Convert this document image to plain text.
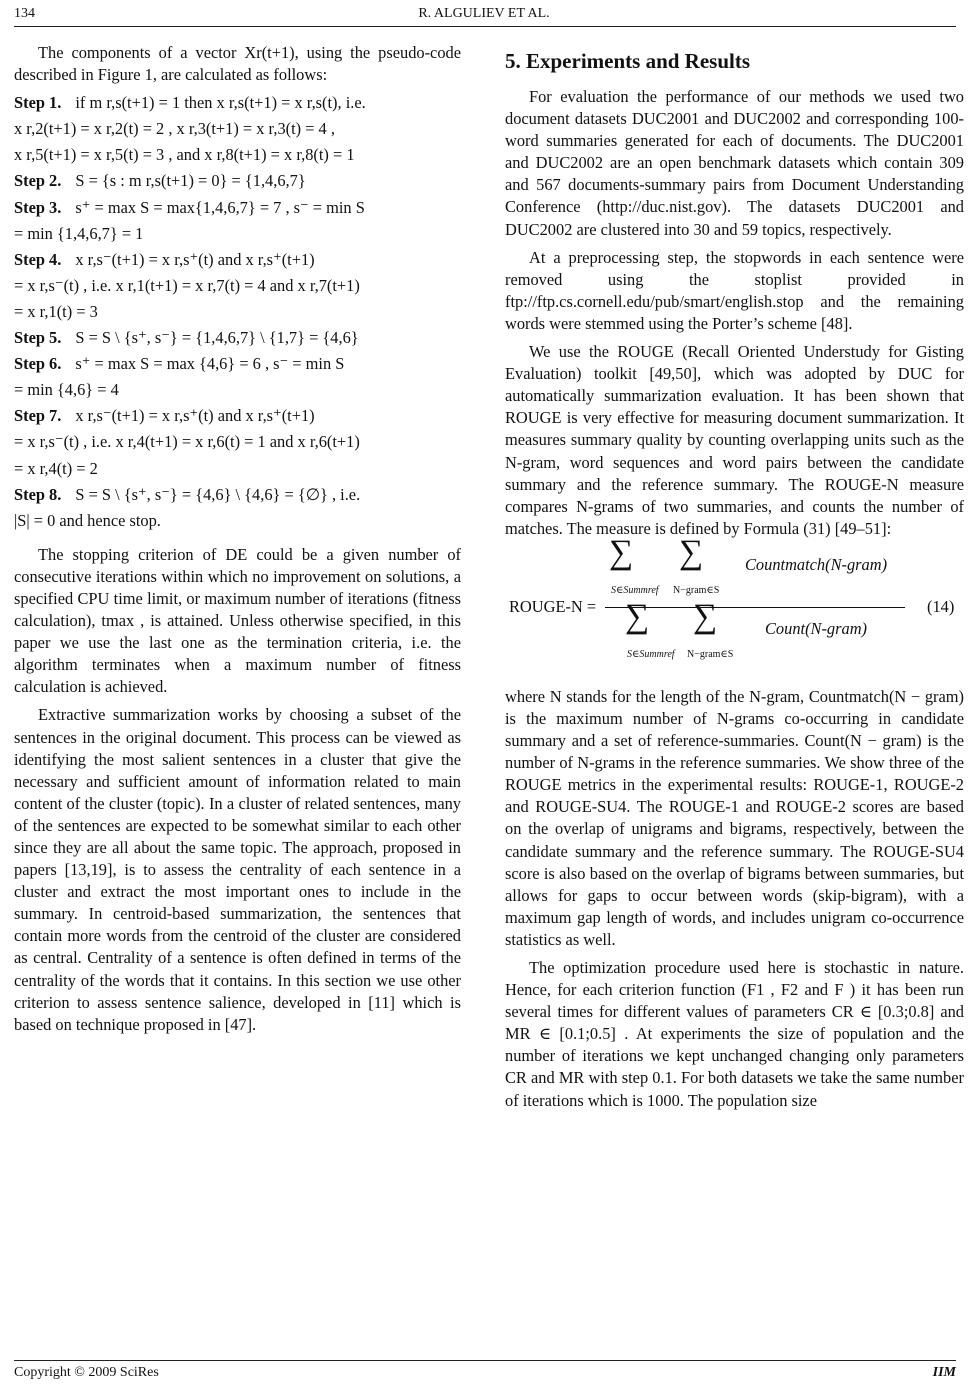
134	R. ALGULIEV ET AL.

The components of a vector Xr(t+1), using the pseudo-code described in Figure 1, are calculated as follows:

Step 1. if m r,s(t+1) = 1 then x r,s(t+1) = x r,s(t), i.e.
x r,2(t+1) = x r,2(t) = 2 , x r,3(t+1) = x r,3(t) = 4 ,
x r,5(t+1) = x r,5(t) = 3 , and x r,8(t+1) = x r,8(t) = 1
Step 2. S = {s : m r,s(t+1) = 0} = {1,4,6,7}
Step 3. s⁺ = max S = max{1,4,6,7} = 7 , s⁻ = min S
= min {1,4,6,7} = 1
Step 4. x r,s⁻(t+1) = x r,s⁺(t) and x r,s⁺(t+1)
= x r,s⁻(t) , i.e. x r,1(t+1) = x r,7(t) = 4 and x r,7(t+1)
= x r,1(t) = 3
Step 5. S = S \ {s⁺, s⁻} = {1,4,6,7} \ {1,7} = {4,6}
Step 6. s⁺ = max S = max {4,6} = 6 , s⁻ = min S
= min {4,6} = 4
Step 7. x r,s⁻(t+1) = x r,s⁺(t) and x r,s⁺(t+1)
= x r,s⁻(t) , i.e. x r,4(t+1) = x r,6(t) = 1 and x r,6(t+1)
= x r,4(t) = 2
Step 8. S = S \ {s⁺, s⁻} = {4,6} \ {4,6} = {∅} , i.e.
|S| = 0 and hence stop.

The stopping criterion of DE could be a given number of consecutive iterations within which no improvement on solutions, a specified CPU time limit, or maximum number of iterations (fitness calculation), tmax , is attained. Unless otherwise specified, in this paper we use the last one as the termination criteria, i.e. the algorithm terminates when a maximum number of fitness calculation is achieved.

Extractive summarization works by choosing a subset of the sentences in the original document. This process can be viewed as identifying the most salient sentences in a cluster that give the necessary and sufficient amount of information related to main content of the cluster (topic). In a cluster of related sentences, many of the sentences are expected to be somewhat similar to each other since they are all about the same topic. The approach, proposed in papers [13,19], is to assess the centrality of each sentence in a cluster and extract the most important ones to include in the summary. In centroid-based summarization, the sentences that contain more words from the centroid of the cluster are considered as central. Centrality of a sentence is often defined in terms of the centrality of the words that it contains. In this section we use other criterion to assess sentence salience, developed in [11] which is based on technique proposed in [47].

5. Experiments and Results

For evaluation the performance of our methods we used two document datasets DUC2001 and DUC2002 and corresponding 100-word summaries generated for each of documents. The DUC2001 and DUC2002 are an open benchmark datasets which contain 309 and 567 documents-summary pairs from Document Understanding Conference (http://duc.nist.gov). The datasets DUC2001 and DUC2002 are clustered into 30 and 59 topics, respectively.

At a preprocessing step, the stopwords in each sentence were removed using the stoplist provided in ftp://ftp.cs.cornell.edu/pub/smart/english.stop and the remaining words were stemmed using the Porter’s scheme [48].

We use the ROUGE (Recall Oriented Understudy for Gisting Evaluation) toolkit [49,50], which was adopted by DUC for automatically summarization evaluation. It has been shown that ROUGE is very effective for measuring document summarization. It measures summary quality by counting overlapping units such as the N-gram, word sequences and word pairs between the candidate summary and the reference summary. The ROUGE-N measure compares N-grams of two summaries, and counts the number of matches. The measure is defined by Formula (31) [49–51]:

ROUGE-N =
∑ ∑	Countmatch(N-gram)
S∈Summref N−gram∈S
∑ ∑	Count(N-gram)
S∈Summref N−gram∈S
(14)

where N stands for the length of the N-gram, Countmatch(N − gram) is the maximum number of N-grams co-occurring in candidate summary and a set of reference-summaries. Count(N − gram) is the number of N-grams in the reference summaries. We show three of the ROUGE metrics in the experimental results: ROUGE-1, ROUGE-2 and ROUGE-SU4. The ROUGE-1 and ROUGE-2 scores are based on the overlap of unigrams and bigrams, respectively, between the candidate summary and the reference summary. The ROUGE-SU4 score is also based on the overlap of bigrams between summaries, but allows for gaps to occur between words (skip-bigram), with a maximum gap length of words, and includes unigram co-occurrence statistics as well.

The optimization procedure used here is stochastic in nature. Hence, for each criterion function (F1 , F2 and F ) it has been run several times for different values of parameters CR ∈ [0.3;0.8] and MR ∈ [0.1;0.5] . At experiments the size of population and the number of iterations we kept unchanged changing only parameters CR and MR with step 0.1. For both datasets we take the same number of iterations which is 1000. The population size

Copyright © 2009 SciRes	IIM
